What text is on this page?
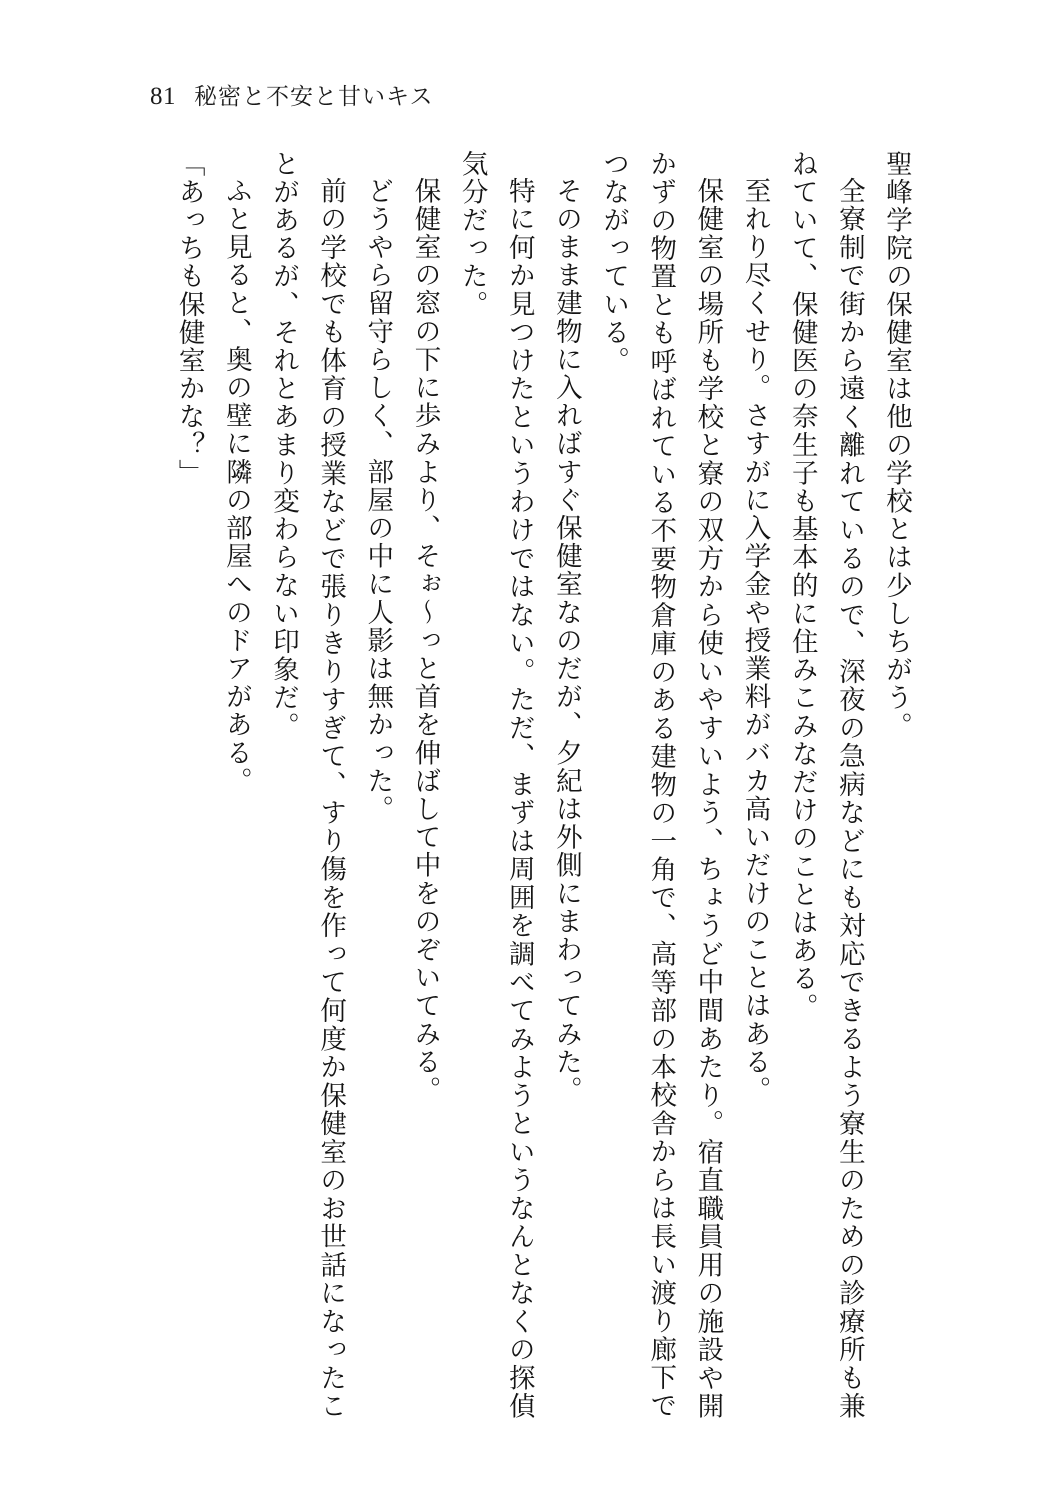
81 秘密と不安と甘いキス

聖峰学院の保健室は他の学校とは少しちがう。

全寮制で街から遠く離れているので、深夜の急病などにも対応できるよう寮生のための診療所も兼ねていて、保健医の奈生子も基本的に住みこみなだけのことはある。

至れり尽くせり。さすがに入学金や授業料がバカ高いだけのことはある。

保健室の場所も学校と寮の双方から使いやすいよう、ちょうど中間あたり。宿直職員用の施設や開かずの物置とも呼ばれている不要物倉庫のある建物の一角で、高等部の本校舎からは長い渡り廊下でつながっている。

そのまま建物に入ればすぐ保健室なのだが、夕紀は外側にまわってみた。

特に何か見つけたというわけではない。ただ、まずは周囲を調べてみようというなんとなくの探偵気分だった。

保健室の窓の下に歩みより、そぉ〜っと首を伸ばして中をのぞいてみる。

どうやら留守らしく、部屋の中に人影は無かった。

前の学校でも体育の授業などで張りきりすぎて、すり傷を作って何度か保健室のお世話になったことがあるが、それとあまり変わらない印象だ。

ふと見ると、奥の壁に隣の部屋へのドアがある。

「あっちも保健室かな？」
